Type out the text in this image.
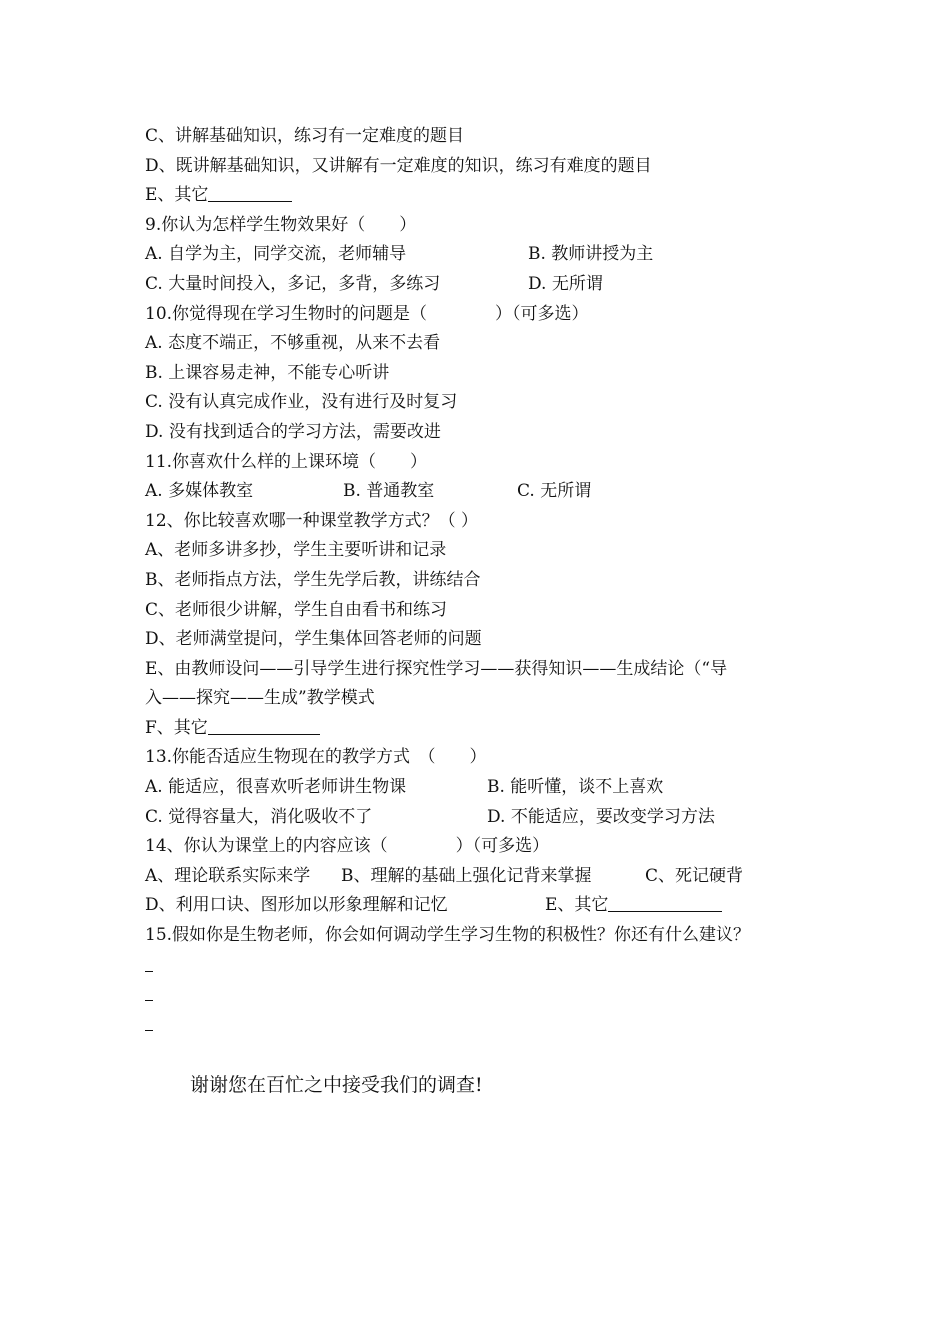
C、讲解基础知识，练习有一定难度的题目
D、既讲解基础知识，又讲解有一定难度的知识，练习有难度的题目
E、其它
9.你认为怎样学生物效果好（　　）
A. 自学为主，同学交流，老师辅导	B. 教师讲授为主
C. 大量时间投入，多记，多背，多练习	D. 无所谓
10.你觉得现在学习生物时的问题是（　　　　）（可多选）
A. 态度不端正，不够重视，从来不去看
B. 上课容易走神，不能专心听讲
C. 没有认真完成作业，没有进行及时复习
D. 没有找到适合的学习方法，需要改进
11.你喜欢什么样的上课环境（　　）
A. 多媒体教室	B. 普通教室	C. 无所谓
12、你比较喜欢哪一种课堂教学方式？（ ）
A、老师多讲多抄，学生主要听讲和记录
B、老师指点方法，学生先学后教，讲练结合
C、老师很少讲解，学生自由看书和练习
D、老师满堂提问，学生集体回答老师的问题
E、由教师设问——引导学生进行探究性学习——获得知识——生成结论（“导
入——探究——生成”教学模式
F、其它
13.你能否适应生物现在的教学方式　（　　）
A. 能适应，很喜欢听老师讲生物课	B. 能听懂，谈不上喜欢
C. 觉得容量大，消化吸收不了	D. 不能适应，要改变学习方法
14、你认为课堂上的内容应该（　　　　）（可多选）
A、理论联系实际来学 B、理解的基础上强化记背来掌握	C、死记硬背
D、利用口诀、图形加以形象理解和记忆	E、其它
15.假如你是生物老师，你会如何调动学生学习生物的积极性？你还有什么建议？
谢谢您在百忙之中接受我们的调查!
